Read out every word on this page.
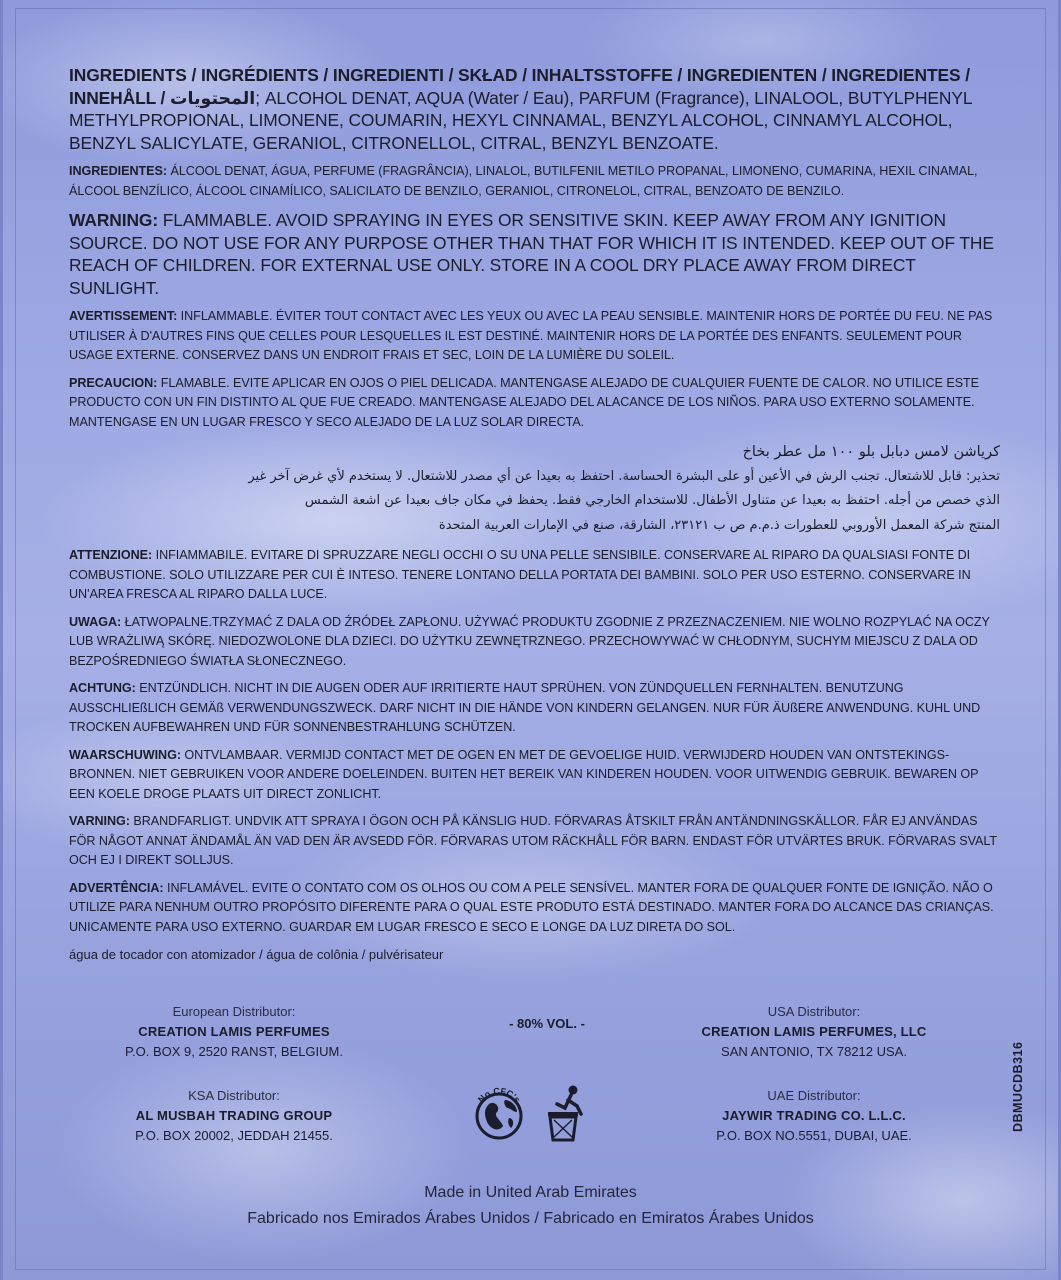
INGREDIENTS / INGRÉDIENTS / INGREDIENTI / SKŁAD / INHALTSSTOFFE / INGREDIENTEN / INGREDIENTES / INNEHÅLL / المحتويات; ALCOHOL DENAT, AQUA (Water / Eau), PARFUM (Fragrance), LINALOOL, BUTYLPHENYL METHYLPROPIONAL, LIMONENE, COUMARIN, HEXYL CINNAMAL, BENZYL ALCOHOL, CINNAMYL ALCOHOL, BENZYL SALICYLATE, GERANIOL, CITRONELLOL, CITRAL, BENZYL BENZOATE.
INGREDIENTES: ÁLCOOL DENAT, ÁGUA, PERFUME (FRAGRÂNCIA), LINALOL, BUTILFENIL METILO PROPANAL, LIMONENO, CUMARINA, HEXIL CINAMAL, ÁLCOOL BENZÍLICO, ÁLCOOL CINAMÍLICO, SALICILATO DE BENZILO, GERANIOL, CITRONELOL, CITRAL, BENZOATO DE BENZILO.
WARNING: FLAMMABLE. AVOID SPRAYING IN EYES OR SENSITIVE SKIN. KEEP AWAY FROM ANY IGNITION SOURCE. DO NOT USE FOR ANY PURPOSE OTHER THAN THAT FOR WHICH IT IS INTENDED. KEEP OUT OF THE REACH OF CHILDREN. FOR EXTERNAL USE ONLY. STORE IN A COOL DRY PLACE AWAY FROM DIRECT SUNLIGHT.
AVERTISSEMENT: INFLAMMABLE. ÉVITER TOUT CONTACT AVEC LES YEUX OU AVEC LA PEAU SENSIBLE. MAINTENIR HORS DE PORTÉE DU FEU. NE PAS UTILISER À D'AUTRES FINS QUE CELLES POUR LESQUELLES IL EST DESTINÉ. MAINTENIR HORS DE LA PORTÉE DES ENFANTS. SEULEMENT POUR USAGE EXTERNE. CONSERVEZ DANS UN ENDROIT FRAIS ET SEC, LOIN DE LA LUMIÈRE DU SOLEIL.
PRECAUCION: FLAMABLE. EVITE APLICAR EN OJOS O PIEL DELICADA. MANTENGASE ALEJADO DE CUALQUIER FUENTE DE CALOR. NO UTILICE ESTE PRODUCTO CON UN FIN DISTINTO AL QUE FUE CREADO. MANTENGASE ALEJADO DEL ALACANCE DE LOS NIÑOS. PARA USO EXTERNO SOLAMENTE. MANTENGASE EN UN LUGAR FRESCO Y SECO ALEJADO DE LA LUZ SOLAR DIRECTA.
كرياشن لامس دبابل بلو ١٠٠ مل عطر بخاخ
تحذير: قابل للاشتعال. تجنب الرش في الأعين أو على البشرة الحساسة. احتفظ به بعيدا عن أي مصدر للاشتعال. لا يستخدم لأي غرض آخر غير
الذي خصص من أجله. احتفظ به بعيدا عن متناول الأطفال. للاستخدام الخارجي فقط. يحفظ في مكان جاف بعيدا عن اشعة الشمس
المنتج شركة المعمل الأوروبي للعطورات ذ.م.م ص ب ٢٣١٢١، الشارقة، صنع في الإمارات العربية المتحدة
ATTENZIONE: INFIAMMABILE. EVITARE DI SPRUZZARE NEGLI OCCHI O SU UNA PELLE SENSIBILE. CONSERVARE AL RIPARO DA QUALSIASI FONTE DI COMBUSTIONE. SOLO UTILIZZARE PER CUI È INTESO. TENERE LONTANO DELLA PORTATA DEI BAMBINI. SOLO PER USO ESTERNO. CONSERVARE IN UN'AREA FRESCA AL RIPARO DALLA LUCE.
UWAGA: ŁATWOPALNE.TRZYMAĆ Z DALA OD ŹRÓDEŁ ZAPŁONU. UŻYWAĆ PRODUKTU ZGODNIE Z PRZEZNACZENIEM. NIE WOLNO ROZPYLAĆ NA OCZY LUB WRAŻLIWĄ SKÓRĘ. NIEDOZWOLONE DLA DZIECI. DO UŻYTKU ZEWNĘTRZNEGO. PRZECHOWYWAĆ W CHŁODNYM, SUCHYM MIEJSCU Z DALA OD BEZPOŚREDNIEGO ŚWIATŁA SŁONECZNEGO.
ACHTUNG: ENTZÜNDLICH. NICHT IN DIE AUGEN ODER AUF IRRITIERTE HAUT SPRÜHEN. VON ZÜNDQUELLEN FERNHALTEN. BENUTZUNG AUSSCHLIEßLICH GEMÄß VERWENDUNGSZWECK. DARF NICHT IN DIE HÄNDE VON KINDERN GELANGEN. NUR FÜR ÄUßERE ANWENDUNG. KUHL UND TROCKEN AUFBEWAHREN UND FÜR SONNENBESTRAHLUNG SCHÜTZEN.
WAARSCHUWING: ONTVLAMBAAR. VERMIJD CONTACT MET DE OGEN EN MET DE GEVOELIGE HUID. VERWIJDERD HOUDEN VAN ONTSTEKINGS-BRONNEN. NIET GEBRUIKEN VOOR ANDERE DOELEINDEN. BUITEN HET BEREIK VAN KINDEREN HOUDEN. VOOR UITWENDIG GEBRUIK. BEWAREN OP EEN KOELE DROGE PLAATS UIT DIRECT ZONLICHT.
VARNING: BRANDFARLIGT. UNDVIK ATT SPRAYA I ÖGON OCH PÅ KÄNSLIG HUD. FÖRVARAS ÅTSKILT FRÅN ANTÄNDNINGSKÄLLOR. FÅR EJ ANVÄNDAS FÖR NÅGOT ANNAT ÄNDAMÅL ÄN VAD DEN ÄR AVSEDD FÖR. FÖRVARAS UTOM RÄCKHÅLL FÖR BARN. ENDAST FÖR UTVÄRTES BRUK. FÖRVARAS SVALT OCH EJ I DIREKT SOLLJUS.
ADVERTÊNCIA: INFLAMÁVEL. EVITE O CONTATO COM OS OLHOS OU COM A PELE SENSÍVEL. MANTER FORA DE QUALQUER FONTE DE IGNIÇÃO. NÃO O UTILIZE PARA NENHUM OUTRO PROPÓSITO DIFERENTE PARA O QUAL ESTE PRODUTO ESTÁ DESTINADO. MANTER FORA DO ALCANCE DAS CRIANÇAS. UNICAMENTE PARA USO EXTERNO. GUARDAR EM LUGAR FRESCO E SECO E LONGE DA LUZ DIRETA DO SOL.
água de tocador con atomizador / água de colônia / pulvérisateur
European Distributor:
CREATION LAMIS PERFUMES
P.O. BOX 9, 2520 RANST, BELGIUM.
KSA Distributor:
AL MUSBAH TRADING GROUP
P.O. BOX 20002, JEDDAH 21455.
- 80% VOL. -
USA Distributor:
CREATION LAMIS PERFUMES, LLC
SAN ANTONIO, TX 78212 USA.
UAE Distributor:
JAYWIR TRADING CO. L.L.C.
P.O. BOX NO.5551, DUBAI, UAE.
No CFC's	DBMUCDB316
Made in United Arab Emirates
Fabricado nos Emirados Árabes Unidos / Fabricado en Emiratos Árabes Unidos
